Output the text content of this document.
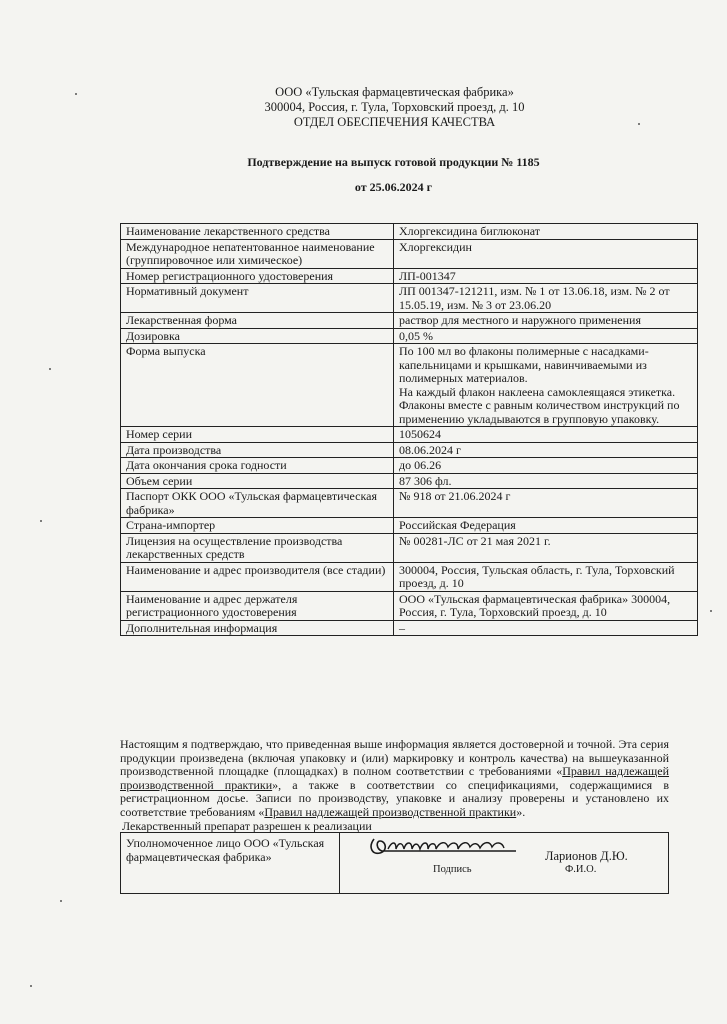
ООО «Тульская фармацевтическая фабрика»
300004, Россия, г. Тула, Торховский проезд, д. 10
ОТДЕЛ ОБЕСПЕЧЕНИЯ КАЧЕСТВА
Подтверждение на выпуск готовой продукции № 1185
от 25.06.2024 г
Наименование лекарственного средства	Хлоргексидина биглюконат
Международное непатентованное наименование (группировочное или химическое)	Хлоргексидин
Номер регистрационного удостоверения	ЛП-001347
Нормативный документ	ЛП 001347-121211, изм. № 1 от 13.06.18, изм. № 2 от 15.05.19, изм. № 3 от 23.06.20
Лекарственная форма	раствор для местного и наружного применения
Дозировка	0,05 %
Форма выпуска	По 100 мл во флаконы полимерные с насадками-капельницами и крышками, навинчиваемыми из полимерных материалов.
На каждый флакон наклеена самоклеящаяся этикетка.
Флаконы вместе с равным количеством инструкций по применению укладываются в групповую упаковку.
Номер серии	1050624
Дата производства	08.06.2024 г
Дата окончания срока годности	до 06.26
Объем серии	87 306 фл.
Паспорт ОКК ООО «Тульская фармацевтическая фабрика»	№ 918 от 21.06.2024 г
Страна-импортер	Российская Федерация
Лицензия на осуществление производства лекарственных средств	№ 00281-ЛС от 21 мая 2021 г.
Наименование и адрес производителя (все стадии)	300004, Россия, Тульская область, г. Тула, Торховский проезд, д. 10
Наименование и адрес держателя регистрационного удостоверения	ООО «Тульская фармацевтическая фабрика» 300004, Россия, г. Тула, Торховский проезд, д. 10
Дополнительная информация	–
Настоящим я подтверждаю, что приведенная выше информация является достоверной и точной. Эта серия продукции произведена (включая упаковку и (или) маркировку и контроль качества) на вышеуказанной производственной площадке (площадках) в полном соответствии с требованиями «Правил надлежащей производственной практики», а также в соответствии со спецификациями, содержащимися в регистрационном досье. Записи по производству, упаковке и анализу проверены и установлено их соответствие требованиям «Правил надлежащей производственной практики».
Лекарственный препарат разрешен к реализации
Уполномоченное лицо ООО «Тульская фармацевтическая фабрика»	
Подпись
Ларионов Д.Ю.
Ф.И.О.
